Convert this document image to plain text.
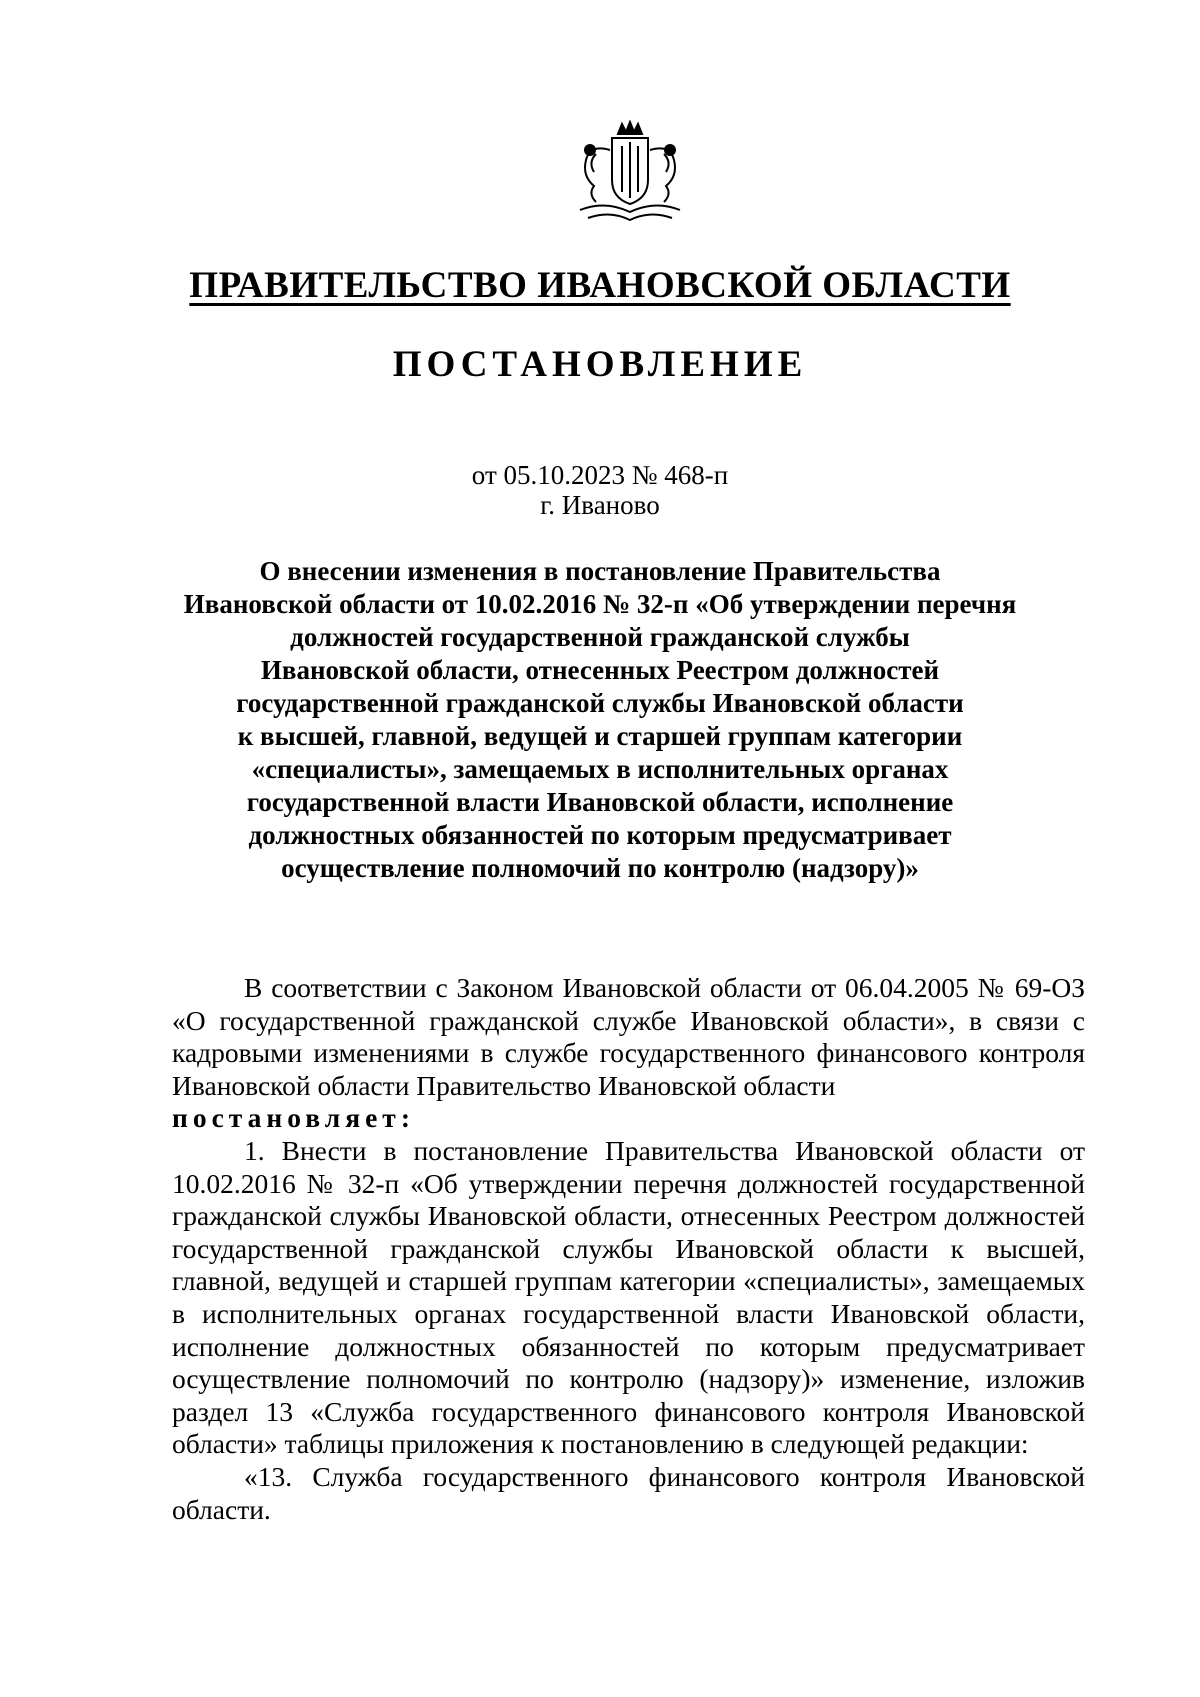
ПРАВИТЕЛЬСТВО ИВАНОВСКОЙ ОБЛАСТИ
ПОСТАНОВЛЕНИЕ
от 05.10.2023 № 468-п
г. Иваново
О внесении изменения в постановление Правительства
Ивановской области от 10.02.2016 № 32-п «Об утверждении перечня
должностей государственной гражданской службы
Ивановской области, отнесенных Реестром должностей
государственной гражданской службы Ивановской области
к высшей, главной, ведущей и старшей группам категории
«специалисты», замещаемых в исполнительных органах
государственной власти Ивановской области, исполнение
должностных обязанностей по которым предусматривает
осуществление полномочий по контролю (надзору)»

В соответствии с Законом Ивановской области от 06.04.2005 № 69-ОЗ «О государственной гражданской службе Ивановской области», в связи с кадровыми изменениями в службе государственного финансового контроля Ивановской области Правительство Ивановской области
постановляет:

1. Внести в постановление Правительства Ивановской области от 10.02.2016 № 32-п «Об утверждении перечня должностей государственной гражданской службы Ивановской области, отнесенных Реестром должностей государственной гражданской службы Ивановской области к высшей, главной, ведущей и старшей группам категории «специалисты», замещаемых в исполнительных органах государственной власти Ивановской области, исполнение должностных обязанностей по которым предусматривает осуществление полномочий по контролю (надзору)» изменение, изложив раздел 13 «Служба государственного финансового контроля Ивановской области» таблицы приложения к постановлению в следующей редакции:

«13. Служба государственного финансового контроля Ивановской области.
